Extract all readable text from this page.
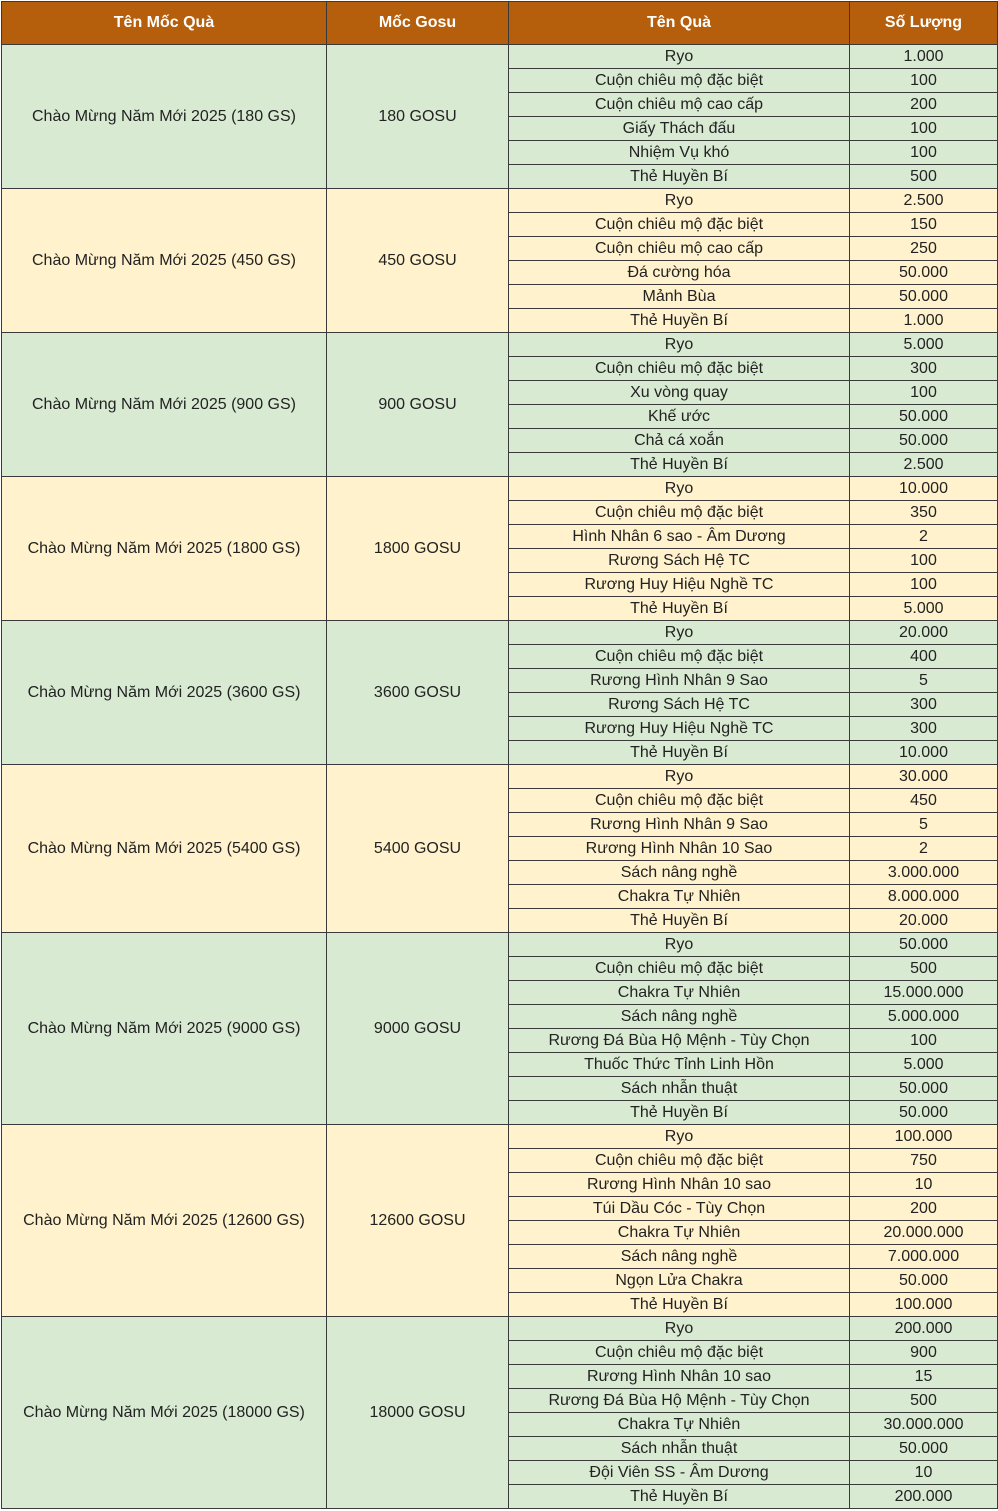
Tên Mốc Quà	Mốc Gosu	Tên Quà	Số Lượng
Chào Mừng Năm Mới 2025 (180 GS)	180 GOSU	Ryo	1.000
		Cuộn chiêu mộ đặc biệt	100
		Cuộn chiêu mộ cao cấp	200
		Giấy Thách đấu	100
		Nhiệm Vụ khó	100
		Thẻ Huyền Bí	500
Chào Mừng Năm Mới 2025 (450 GS)	450 GOSU	Ryo	2.500
		Cuộn chiêu mộ đặc biệt	150
		Cuộn chiêu mộ cao cấp	250
		Đá cường hóa	50.000
		Mảnh Bùa	50.000
		Thẻ Huyền Bí	1.000
Chào Mừng Năm Mới 2025 (900 GS)	900 GOSU	Ryo	5.000
		Cuộn chiêu mộ đặc biệt	300
		Xu vòng quay	100
		Khế ước	50.000
		Chả cá xoắn	50.000
		Thẻ Huyền Bí	2.500
Chào Mừng Năm Mới 2025 (1800 GS)	1800 GOSU	Ryo	10.000
		Cuộn chiêu mộ đặc biệt	350
		Hình Nhân 6 sao - Âm Dương	2
		Rương Sách Hệ TC	100
		Rương Huy Hiệu Nghề TC	100
		Thẻ Huyền Bí	5.000
Chào Mừng Năm Mới 2025 (3600 GS)	3600 GOSU	Ryo	20.000
		Cuộn chiêu mộ đặc biệt	400
		Rương Hình Nhân 9 Sao	5
		Rương Sách Hệ TC	300
		Rương Huy Hiệu Nghề TC	300
		Thẻ Huyền Bí	10.000
Chào Mừng Năm Mới 2025 (5400 GS)	5400 GOSU	Ryo	30.000
		Cuộn chiêu mộ đặc biệt	450
		Rương Hình Nhân 9 Sao	5
		Rương Hình Nhân 10 Sao	2
		Sách nâng nghề	3.000.000
		Chakra Tự Nhiên	8.000.000
		Thẻ Huyền Bí	20.000
Chào Mừng Năm Mới 2025 (9000 GS)	9000 GOSU	Ryo	50.000
		Cuộn chiêu mộ đặc biệt	500
		Chakra Tự Nhiên	15.000.000
		Sách nâng nghề	5.000.000
		Rương Đá Bùa Hộ Mệnh - Tùy Chọn	100
		Thuốc Thức Tỉnh Linh Hồn	5.000
		Sách nhẫn thuật	50.000
		Thẻ Huyền Bí	50.000
Chào Mừng Năm Mới 2025 (12600 GS)	12600 GOSU	Ryo	100.000
		Cuộn chiêu mộ đặc biệt	750
		Rương Hình Nhân 10 sao	10
		Túi Dầu Cóc - Tùy Chọn	200
		Chakra Tự Nhiên	20.000.000
		Sách nâng nghề	7.000.000
		Ngọn Lửa Chakra	50.000
		Thẻ Huyền Bí	100.000
Chào Mừng Năm Mới 2025 (18000 GS)	18000 GOSU	Ryo	200.000
		Cuộn chiêu mộ đặc biệt	900
		Rương Hình Nhân 10 sao	15
		Rương Đá Bùa Hộ Mệnh - Tùy Chọn	500
		Chakra Tự Nhiên	30.000.000
		Sách nhẫn thuật	50.000
		Đội Viên SS - Âm Dương	10
		Thẻ Huyền Bí	200.000
